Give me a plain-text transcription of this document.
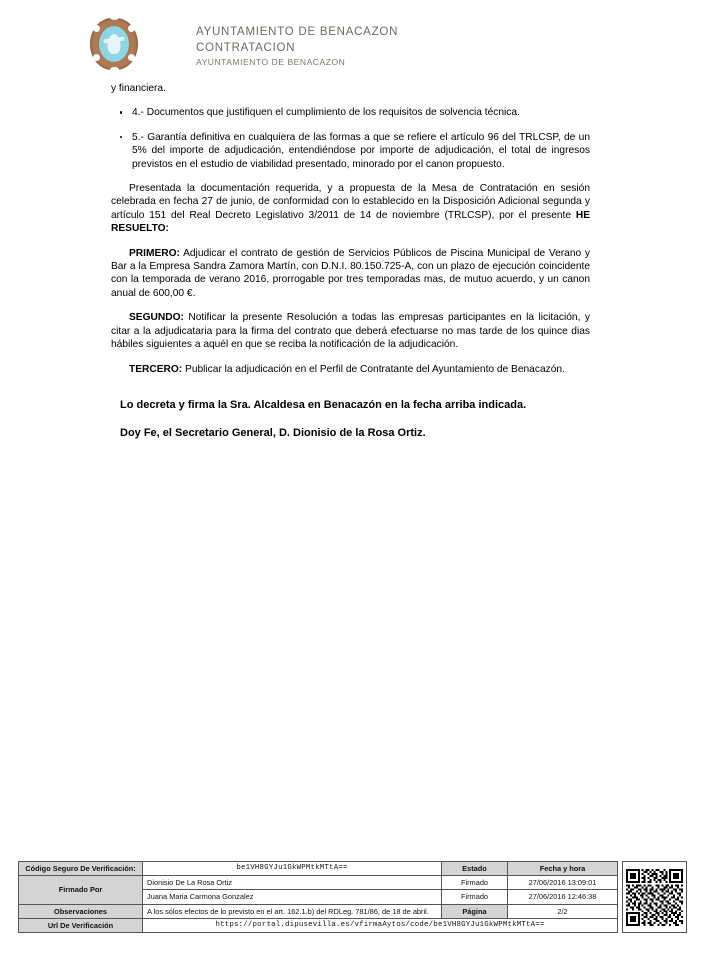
AYUNTAMIENTO DE BENACAZON
CONTRATACION
AYUNTAMIENTO DE BENACAZON

y financiera.

4.- Documentos que justifiquen el cumplimiento de los requisitos de solvencia técnica.
5.- Garantía definitiva en cualquiera de las formas a que se refiere el artículo 96 del TRLCSP, de un 5% del importe de adjudicación, entendiéndose por importe de adjudicación, el total de ingresos previstos en el estudio de viabilidad presentado, minorado por el canon propuesto.

Presentada la documentación requerida, y a propuesta de la Mesa de Contratación en sesión celebrada en fecha 27 de junio, de conformidad con lo establecido en la Disposición Adicional segunda y artículo 151 del Real Decreto Legislativo 3/2011 de 14 de noviembre (TRLCSP), por el presente HE RESUELTO:

PRIMERO: Adjudicar el contrato de gestión de Servicios Públicos de Piscina Municipal de Verano y Bar a la Empresa Sandra Zamora Martín, con D.N.I. 80.150.725-A, con un plazo de ejecución coincidente con la temporada de verano 2016, prorrogable por tres temporadas mas, de mutuo acuerdo, y un canon anual de 600,00 €.

SEGUNDO: Notificar la presente Resolución a todas las empresas participantes en la licitación, y citar a la adjudicataria para la firma del contrato que deberá efectuarse no mas tarde de los quince dias hábiles siguientes a aquél en que se reciba la notificación de la adjudicación.

TERCERO: Publicar la adjudicación en el Perfil de Contratante del Ayuntamiento de Benacazón.

Lo decreta y firma la Sra. Alcaldesa en Benacazón en la fecha arriba indicada.

Doy Fe, el Secretario General, D. Dionisio de la Rosa Ortiz.

Código Seguro De Verificación:	be1VH8GYJu1GkWPMtkMTtA==	Estado	Fecha y hora
Firmado Por	Dionisio De La Rosa Ortiz	Firmado	27/06/2016 13:09:01
	Juana Maria Carmona Gonzalez	Firmado	27/06/2016 12:46:38
Observaciones	A los sólos efectos de lo previsto en el art. 162.1.b) del RDLeg. 781/86, de 18 de abril.	Página	2/2
Url De Verificación	https://portal.dipusevilla.es/vfirmaAytos/code/be1VH8GYJu1GkWPMtkMTtA==		
